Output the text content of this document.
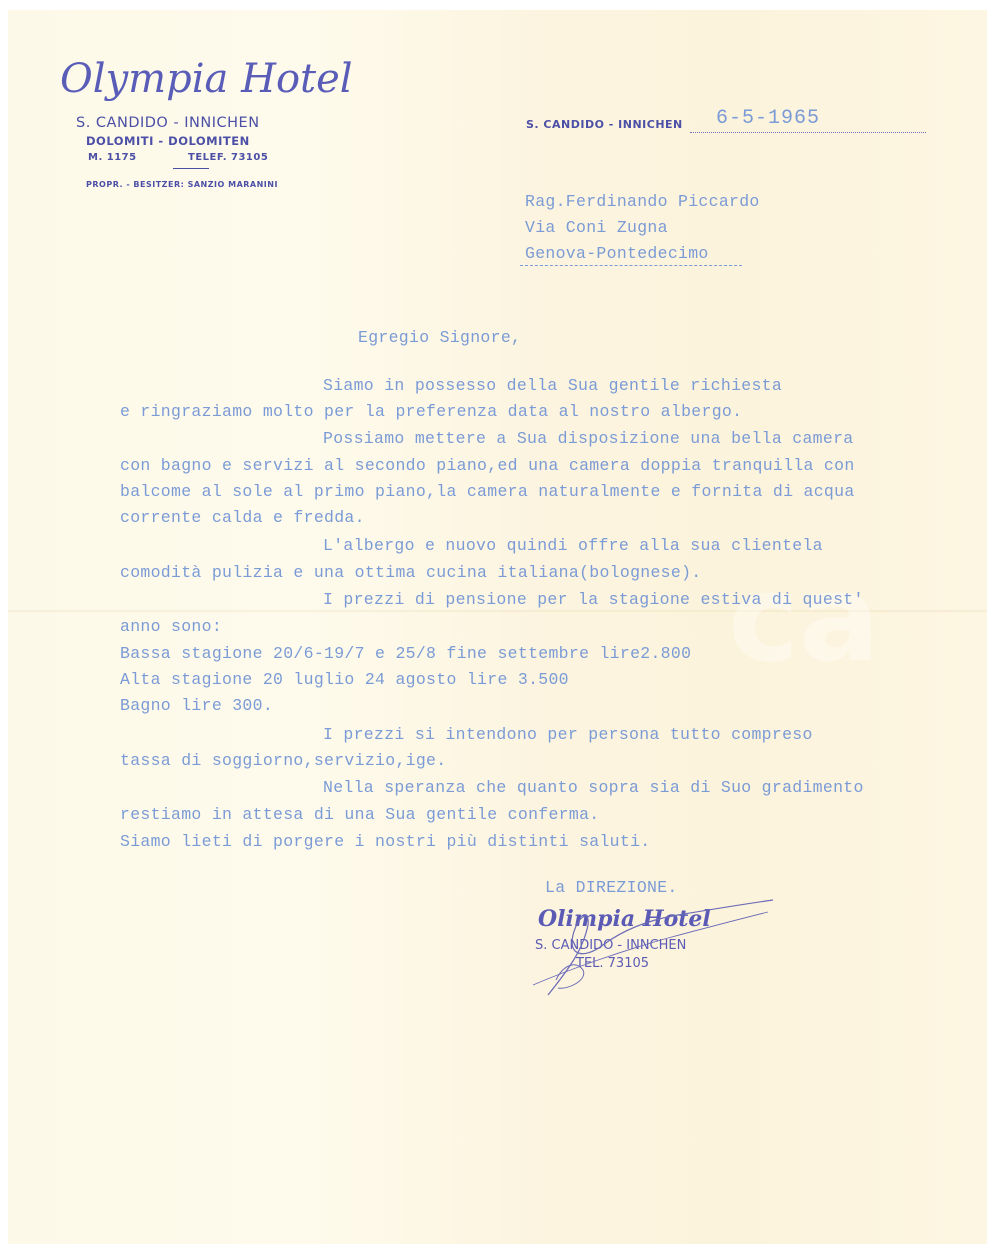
ca
Olympia Hotel
S. CANDIDO - INNICHEN
DOLOMITI - DOLOMITEN
M. 1175	TELEF. 73105
PROPR. - BESITZER: SANZIO MARANINI
S. CANDIDO - INNICHEN 6-5-1965
Rag.Ferdinando Piccardo
Via Coni Zugna
Genova-Pontedecimo
Egregio Signore,
Siamo in possesso della Sua gentile richiesta
e ringraziamo molto per la preferenza data al nostro albergo.
Possiamo mettere a Sua disposizione una bella camera
con bagno e servizi al secondo piano,ed una camera doppia tranquilla con
balcome al sole al primo piano,la camera naturalmente e fornita di acqua
corrente calda e fredda.
L'albergo e nuovo quindi offre alla sua clientela
comodità pulizia e una ottima cucina italiana(bolognese).
I prezzi di pensione per la stagione estiva di quest'
anno sono:
Bassa stagione 20/6-19/7 e 25/8 fine settembre lire2.800
Alta stagione 20 luglio 24 agosto lire 3.500
Bagno lire 300.
I prezzi si intendono per persona tutto compreso
tassa di soggiorno,servizio,ige.
Nella speranza che quanto sopra sia di Suo gradimento
restiamo in attesa di una Sua gentile conferma.
Siamo lieti di porgere i nostri più distinti saluti.
La DIREZIONE.
Olimpia Hotel
S. CANDIDO - INNCHEN
TEL. 73105
